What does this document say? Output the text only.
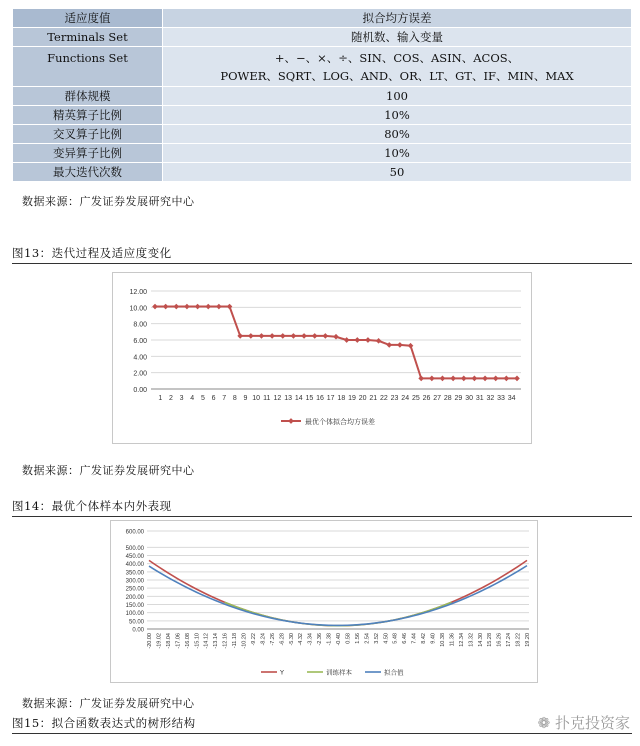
适应度值	拟合均方误差
Terminals Set	随机数、输入变量
Functions Set	+、−、×、÷、SIN、COS、ASIN、ACOS、
POWER、SQRT、LOG、AND、OR、LT、GT、IF、MIN、MAX

群体规模	100
精英算子比例	10%
交叉算子比例	80%
变异算子比例	10%
最大迭代次数	50
数据来源：广发证券发展研究中心
图13：迭代过程及适应度变化
0.00
2.00
4.00
6.00
8.00
10.00
12.00
1 2 3 4 5 6 7 8 9 10 11 12 13 14 15 16 17 18 19 20 21 22 23 24 25 26 27 28 29 30 31 32 33 34
最优个体拟合均方误差
数据来源：广发证券发展研究中心
图14：最优个体样本内外表现
0.00
50.00
100.00
150.00
200.00
250.00
300.00
350.00
400.00
450.00
500.00
600.00
-20.00 -19.02 -18.04 -17.06 -16.08 -15.10 -14.12 -13.14 -12.16 -11.18 -10.20 -9.22 -8.24 -7.26 -6.28 -5.30 -4.32 -3.34 -2.36 -1.38 -0.40 0.58 1.56 2.54 3.52 4.50 5.48 6.46 7.44 8.42 9.40 10.38 11.36 12.34 13.32 14.30 15.28 16.26 17.24 18.22 19.20
Y	训练样本	拟合值
数据来源：广发证券发展研究中心
图15：拟合函数表达式的树形结构	❁ 扑克投资家
